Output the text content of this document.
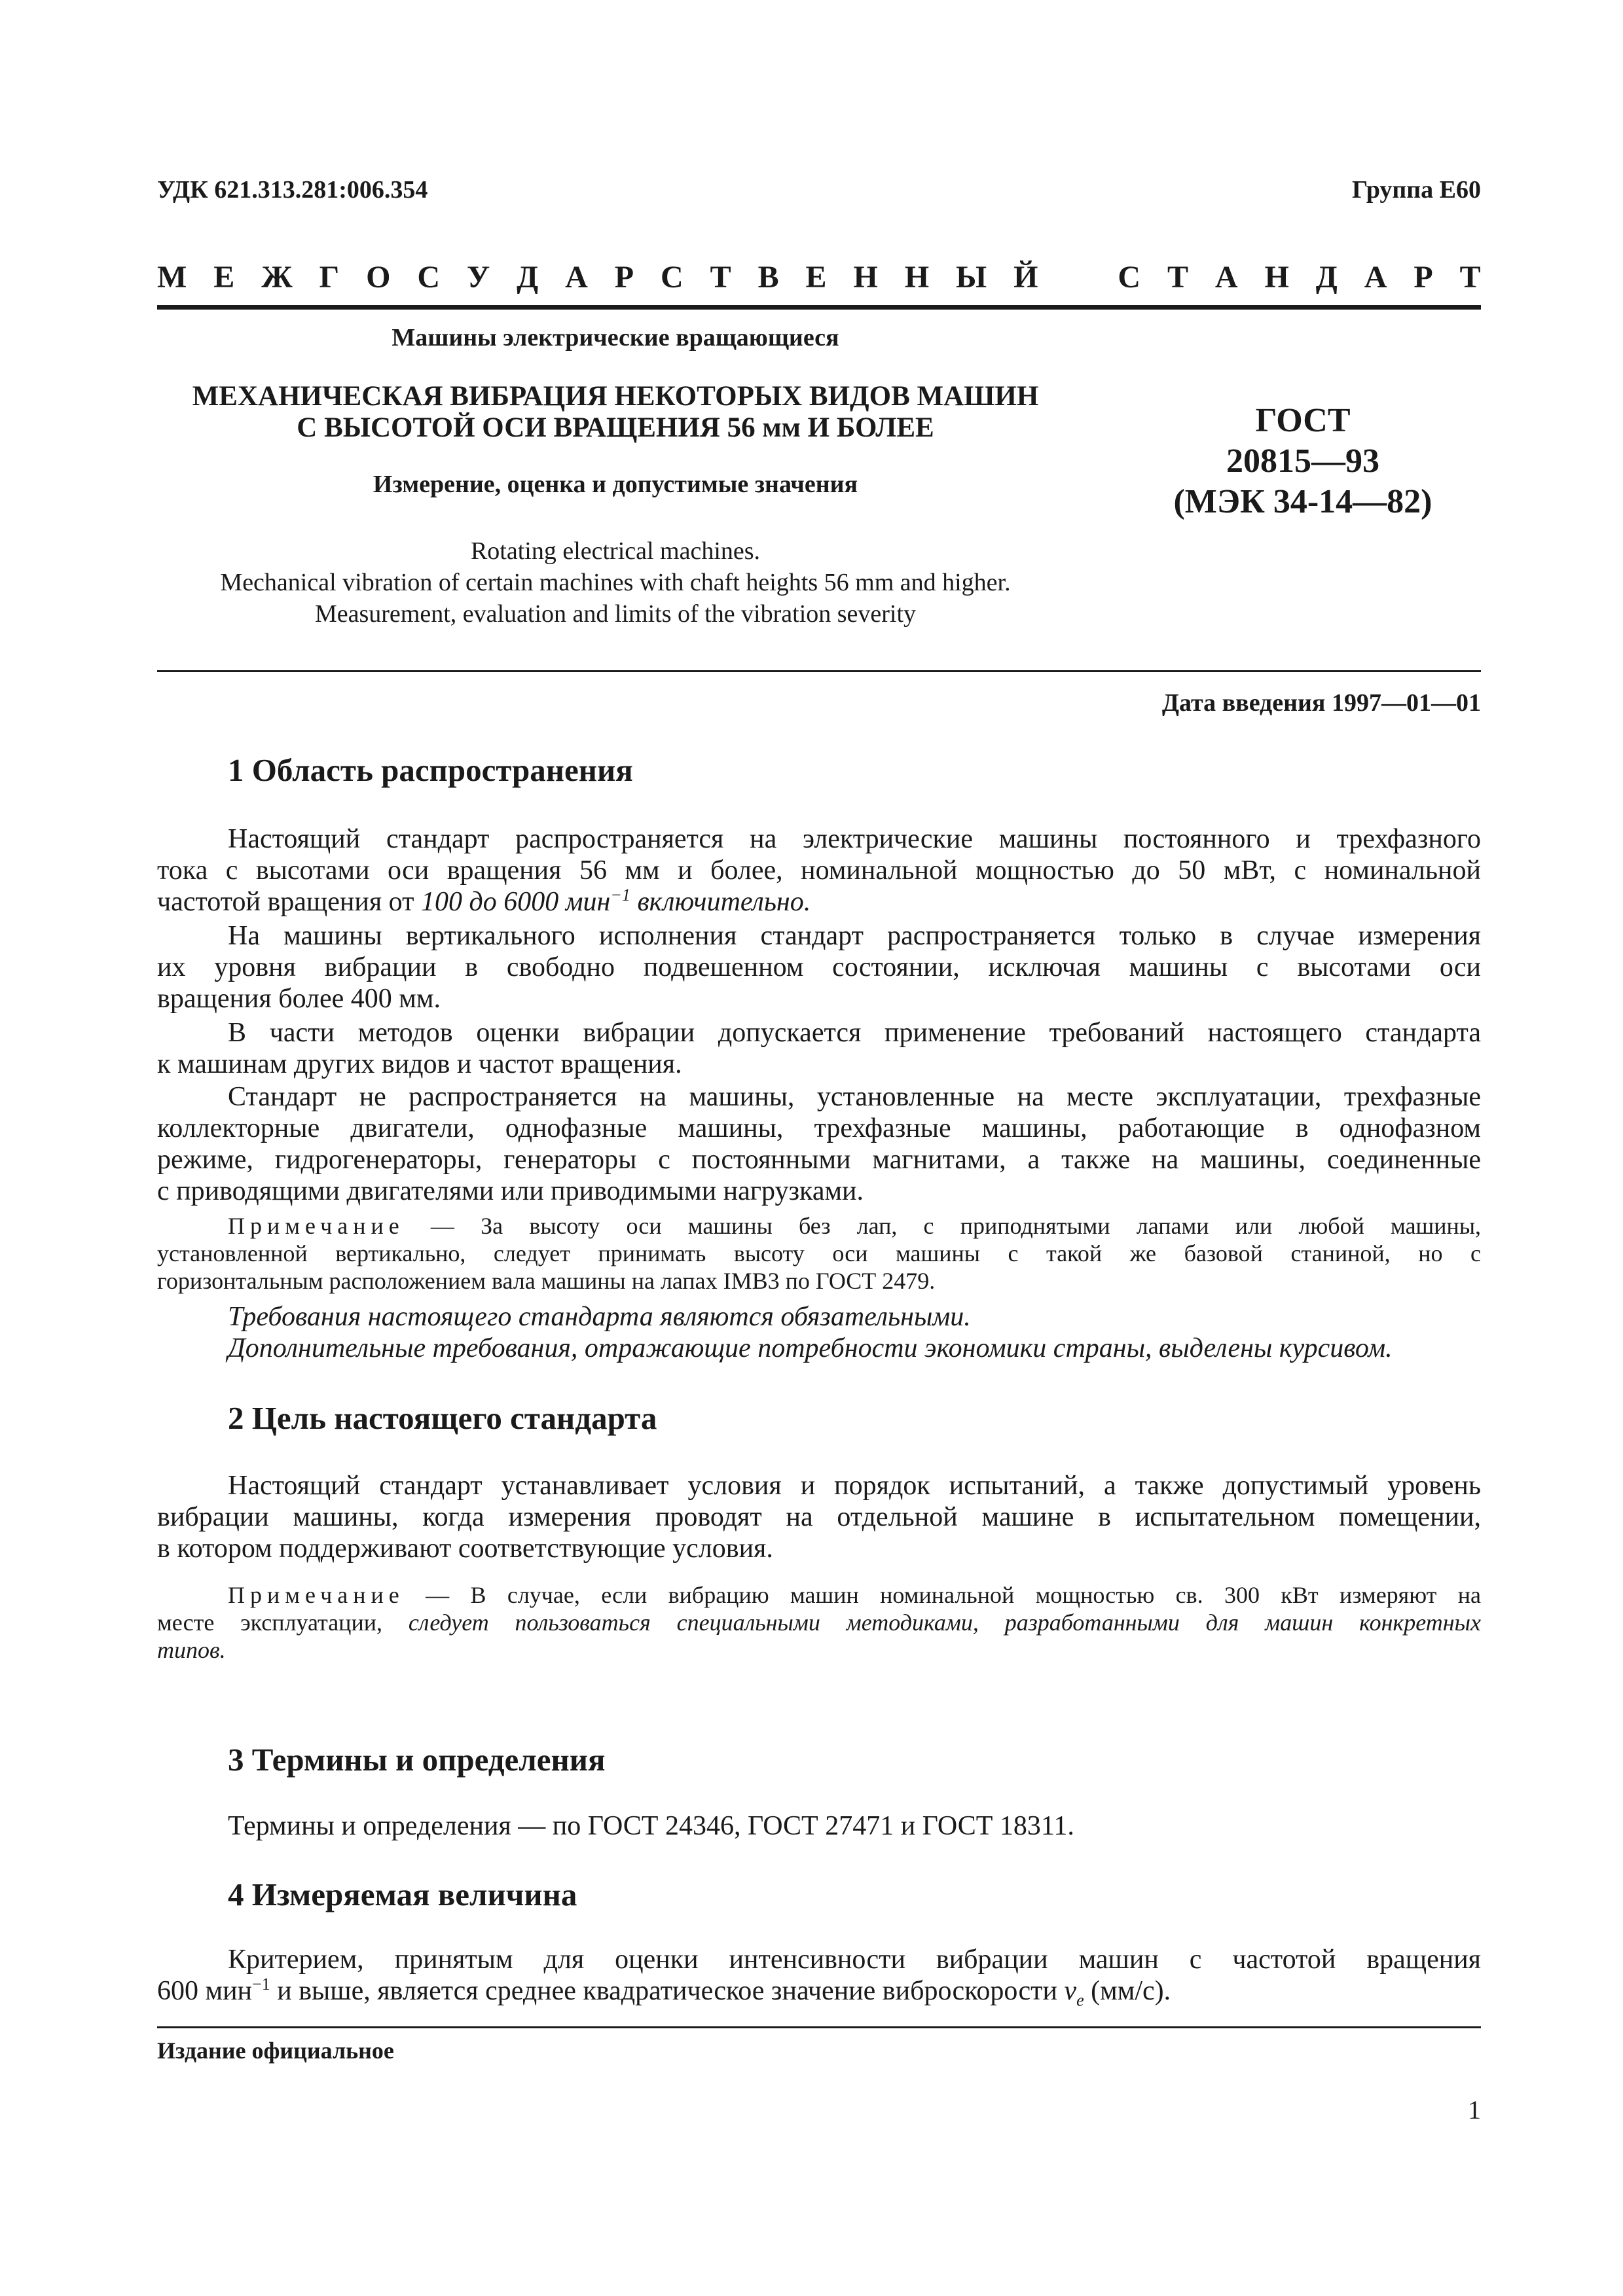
УДК 621.313.281:006.354	Группа Е60
М Е Ж Г О С У Д А Р С Т В Е Н Н Ы Й	С Т А Н Д А Р Т
Машины электрические вращающиеся
МЕХАНИЧЕСКАЯ ВИБРАЦИЯ НЕКОТОРЫХ ВИДОВ МАШИН
С ВЫСОТОЙ ОСИ ВРАЩЕНИЯ 56 мм И БОЛЕЕ
Измерение, оценка и допустимые значения
Rotating electrical machines.
Mechanical vibration of certain machines with chaft heights 56 mm and higher.
Measurement, evaluation and limits of the vibration severity
ГОСТ
20815—93
(МЭК 34-14—82)
Дата введения 1997—01—01
1 Область распространения
Настоящий стандарт распространяется на электрические машины постоянного и трехфазного
тока с высотами оси вращения 56 мм и более, номинальной мощностью до 50 мВт, с номинальной
частотой вращения от 100 до 6000 мин$^{-1}$ включительно.
На машины вертикального исполнения стандарт распространяется только в случае измерения
их уровня вибрации в свободно подвешенном состоянии, исключая машины с высотами оси
вращения более 400 мм.
В части методов оценки вибрации допускается применение требований настоящего стандарта
к машинам других видов и частот вращения.
Стандарт не распространяется на машины, установленные на месте эксплуатации, трехфазные
коллекторные двигатели, однофазные машины, трехфазные машины, работающие в однофазном
режиме, гидрогенераторы, генераторы с постоянными магнитами, а также на машины, соединенные
с приводящими двигателями или приводимыми нагрузками.
Примечание — За высоту оси машины без лап, с приподнятыми лапами или любой машины,
установленной вертикально, следует принимать высоту оси машины с такой же базовой станиной, но с
горизонтальным расположением вала машины на лапах IMB3 по ГОСТ 2479.
Требования настоящего стандарта являются обязательными.
Дополнительные требования, отражающие потребности экономики страны, выделены курсивом.
2 Цель настоящего стандарта
Настоящий стандарт устанавливает условия и порядок испытаний, а также допустимый уровень
вибрации машины, когда измерения проводят на отдельной машине в испытательном помещении,
в котором поддерживают соответствующие условия.
Примечание — В случае, если вибрацию машин номинальной мощностью св. 300 кВт измеряют на
месте эксплуатации, следует пользоваться специальными методиками, разработанными для машин конкретных
типов.
3 Термины и определения
Термины и определения — по ГОСТ 24346, ГОСТ 27471 и ГОСТ 18311.
4 Измеряемая величина
Критерием, принятым для оценки интенсивности вибрации машин с частотой вращения
600 мин$^{-1}$ и выше, является среднее квадратическое значение виброскорости $v_e$ (мм/с).
Издание официальное
1
